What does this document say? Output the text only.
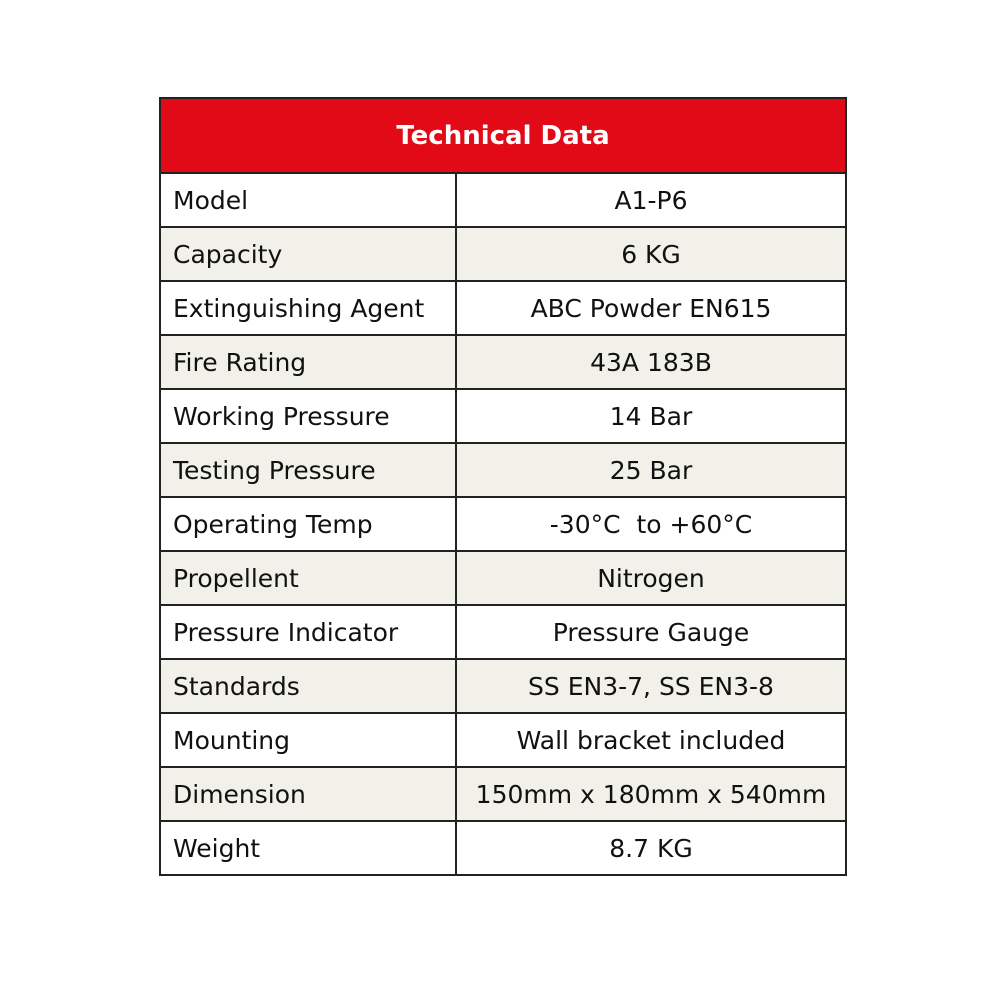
Technical Data	
Model	A1-P6
Capacity	6 KG
Extinguishing Agent	ABC Powder EN615
Fire Rating	43A 183B
Working Pressure	14 Bar
Testing Pressure	25 Bar
Operating Temp	-30°C  to +60°C
Propellent	Nitrogen
Pressure Indicator	Pressure Gauge
Standards	SS EN3-7, SS EN3-8
Mounting	Wall bracket included
Dimension	150mm x 180mm x 540mm
Weight	8.7 KG
